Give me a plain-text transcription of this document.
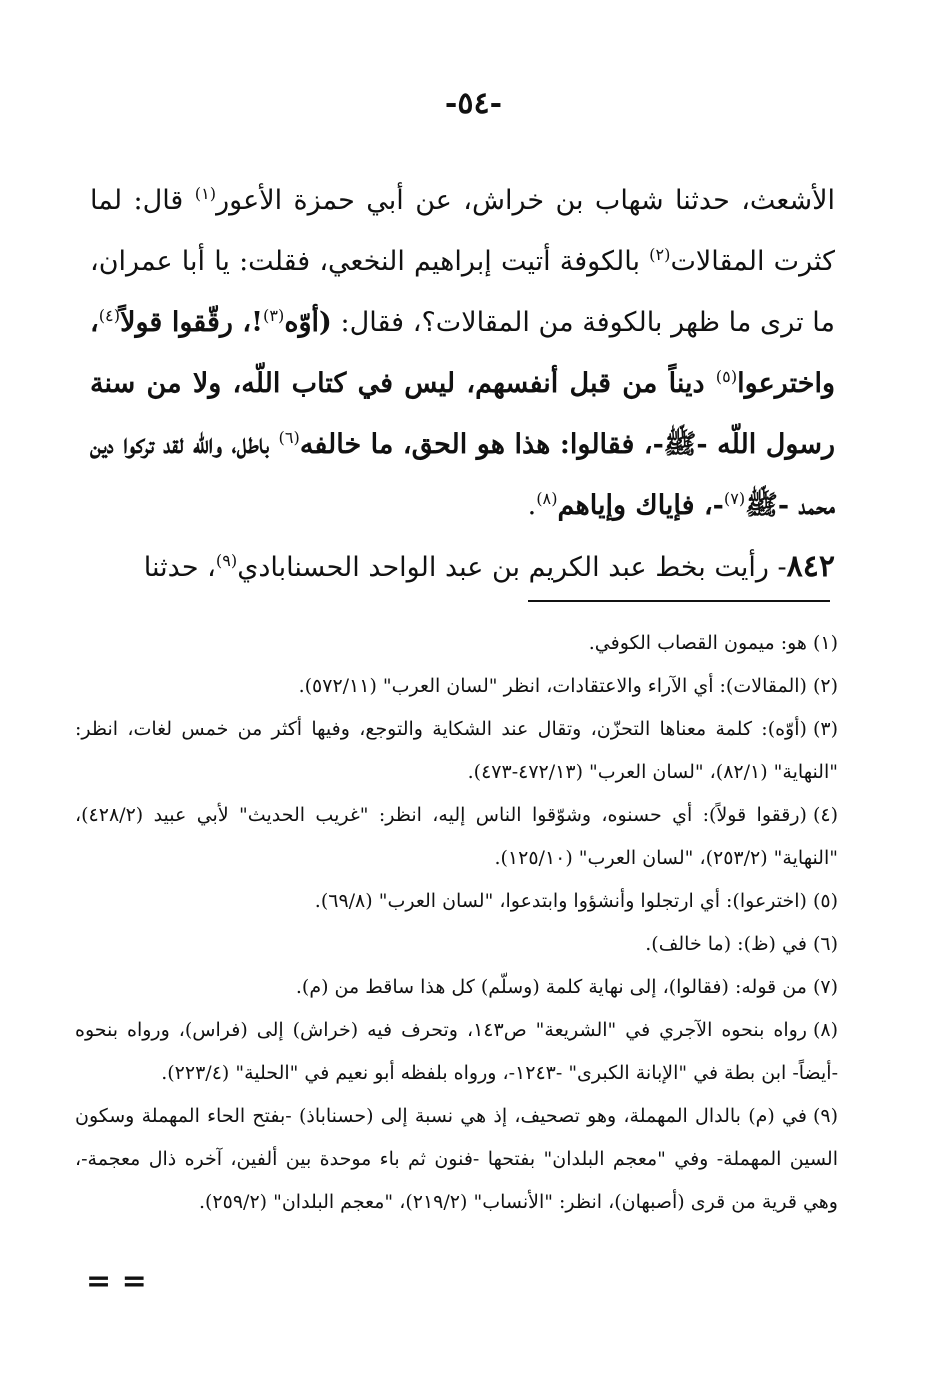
-٥٤-

الأشعث، حدثنا شهاب بن خراش، عن أبي حمزة الأعور$^{(١)}$ قال: لما كثرت المقالات$^{(٢)}$ بالكوفة أتيت إبراهيم النخعي، فقلت: يا أبا عمران، ما ترى ما ظهر بالكوفة من المقالات؟، فقال: (أوّه$^{(٣)}$!، رقّقوا قولاً$^{(٤)}$، واخترعوا$^{(٥)}$ ديناً من قبل أنفسهم، ليس في كتاب اللّه، ولا من سنة رسول اللّه -ﷺ-، فقالوا: هذا هو الحق، ما خالفه$^{(٦)}$ باطل، واللّه لقد تركوا دين محمد -ﷺ$^{(٧)}$-، فإياك وإياهم$^{(٨)}$.

٨٤٢- رأيت بخط عبد الكريم بن عبد الواحد الحسنابادي$^{(٩)}$، حدثنا

(١)هو: ميمون القصاب الكوفي.

(٢)(المقالات): أي الآراء والاعتقادات، انظر "لسان العرب" (٥٧٢/١١).

(٣)(أوّه): كلمة معناها التحزّن، وتقال عند الشكاية والتوجع، وفيها أكثر من خمس لغات، انظر: "النهاية" (٨٢/١)، "لسان العرب" (٤٧٢/١٣-٤٧٣).

(٤)(رققوا قولاً): أي حسنوه، وشوّقوا الناس إليه، انظر: "غريب الحديث" لأبي عبيد (٤٢٨/٢)، "النهاية" (٢٥٣/٢)، "لسان العرب" (١٢٥/١٠).

(٥)(اخترعوا): أي ارتجلوا وأنشؤوا وابتدعوا، "لسان العرب" (٦٩/٨).

(٦)في (ظ): (ما خالف).

(٧)من قوله: (فقالوا)، إلى نهاية كلمة (وسلّم) كل هذا ساقط من (م).

(٨)رواه بنحوه الآجري في "الشريعة" ص١٤٣، وتحرف فيه (خراش) إلى (فراس)، ورواه بنحوه -أيضاً- ابن بطة في "الإبانة الكبرى" -١٢٤٣-، ورواه بلفظه أبو نعيم في "الحلية" (٢٢٣/٤).

(٩)في (م) بالدال المهملة، وهو تصحيف، إذ هي نسبة إلى (حسناباذ) -بفتح الحاء المهملة وسكون السين المهملة- وفي "معجم البلدان" بفتحها -فنون ثم باء موحدة بين ألفين، آخره ذال معجمة-، وهي قرية من قرى (أصبهان)، انظر: "الأنساب" (٢١٩/٢)، "معجم البلدان" (٢٥٩/٢).

= =
